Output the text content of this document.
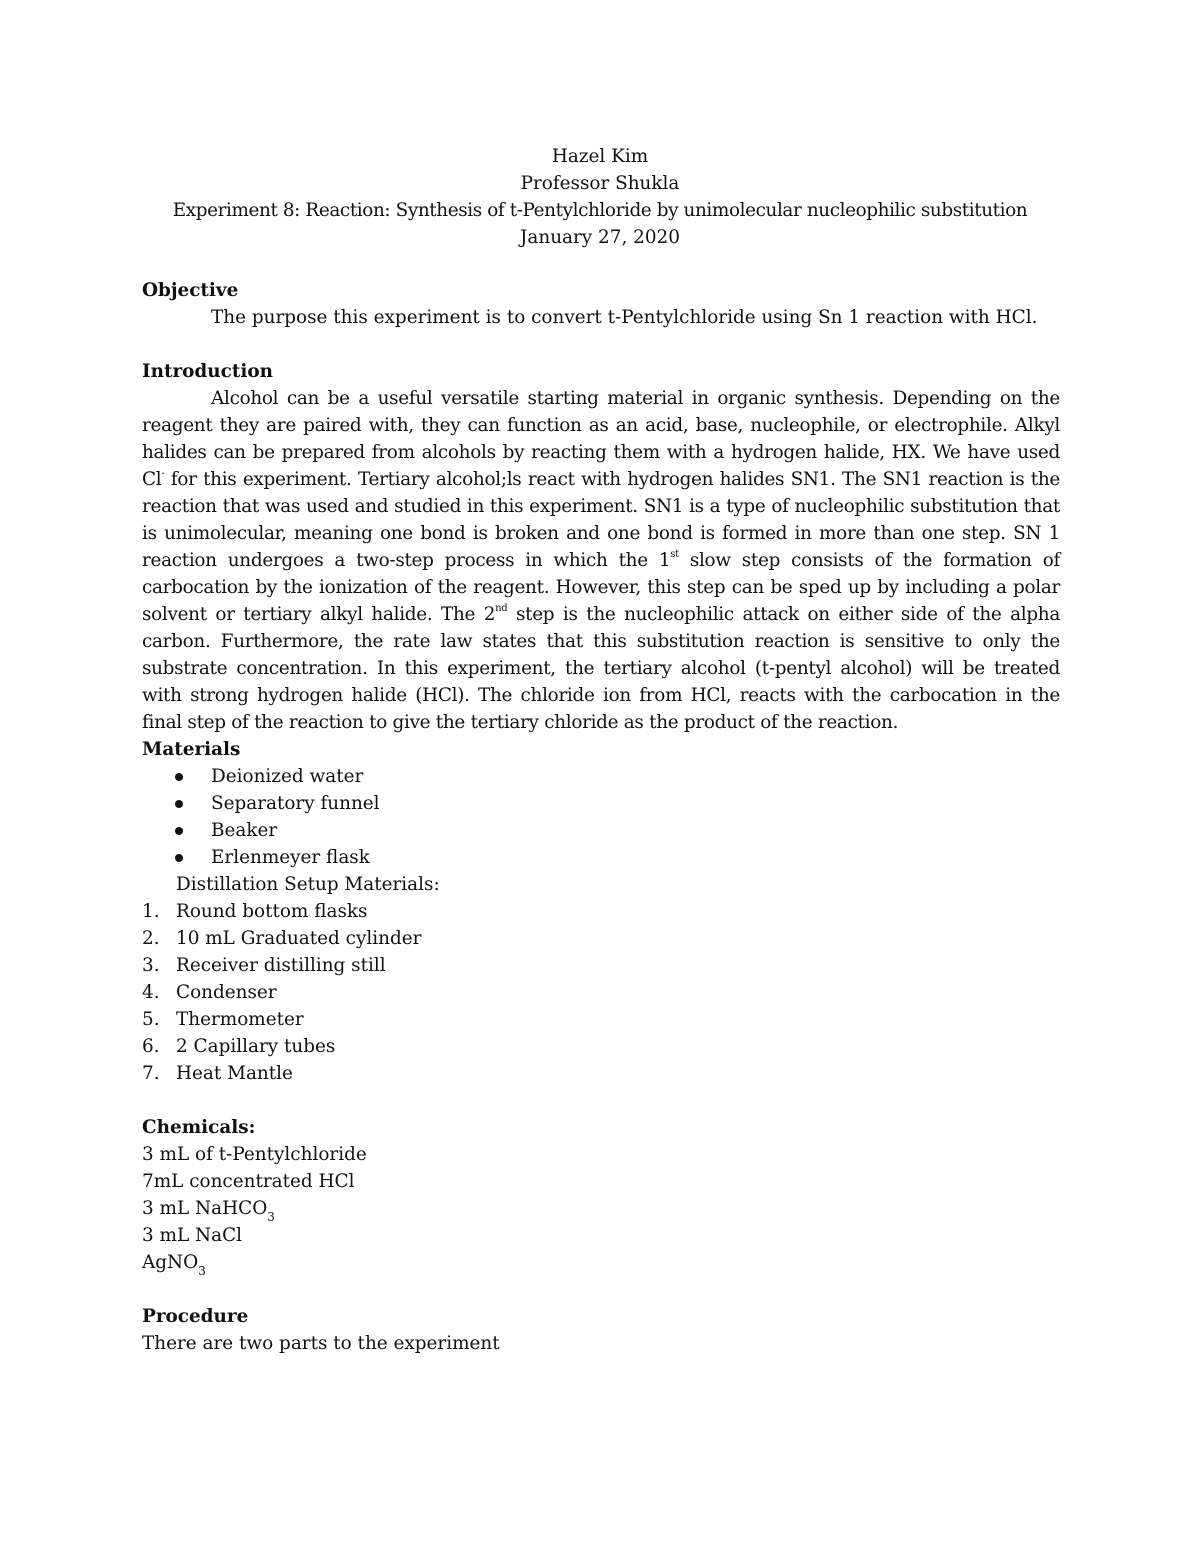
Hazel Kim
Professor Shukla
Experiment 8: Reaction: Synthesis of t-Pentylchloride by unimolecular nucleophilic substitution
January 27, 2020

Objective

The purpose this experiment is to convert t-Pentylchloride using Sn 1 reaction with HCl.

Introduction

Alcohol can be a useful versatile starting material in organic synthesis. Depending on the reagent they are paired with, they can function as an acid, base, nucleophile, or electrophile. Alkyl halides can be prepared from alcohols by reacting them with a hydrogen halide, HX. We have used Cl- for this experiment. Tertiary alcohol;ls react with hydrogen halides SN1. The SN1 reaction is the reaction that was used and studied in this experiment. SN1 is a type of nucleophilic substitution that is unimolecular, meaning one bond is broken and one bond is formed in more than one step. SN 1 reaction undergoes a two-step process in which the 1st slow step consists of the formation of carbocation by the ionization of the reagent. However, this step can be sped up by including a polar solvent or tertiary alkyl halide. The 2nd step is the nucleophilic attack on either side of the alpha carbon. Furthermore, the rate law states that this substitution reaction is sensitive to only the substrate concentration. In this experiment, the tertiary alcohol (t-pentyl alcohol) will be treated with strong hydrogen halide (HCl). The chloride ion from HCl, reacts with the carbocation in the final step of the reaction to give the tertiary chloride as the product of the reaction.

Materials

Deionized water
Separatory funnel
Beaker
Erlenmeyer flask
Distillation Setup Materials:
1. Round bottom flasks
2. 10 mL Graduated cylinder
3. Receiver distilling still
4. Condenser
5. Thermometer
6. 2 Capillary tubes
7. Heat Mantle

Chemicals:

3 mL of t-Pentylchloride
7mL concentrated HCl
3 mL NaHCO$_3$
3 mL NaCl
AgNO$_3$

Procedure

There are two parts to the experiment
